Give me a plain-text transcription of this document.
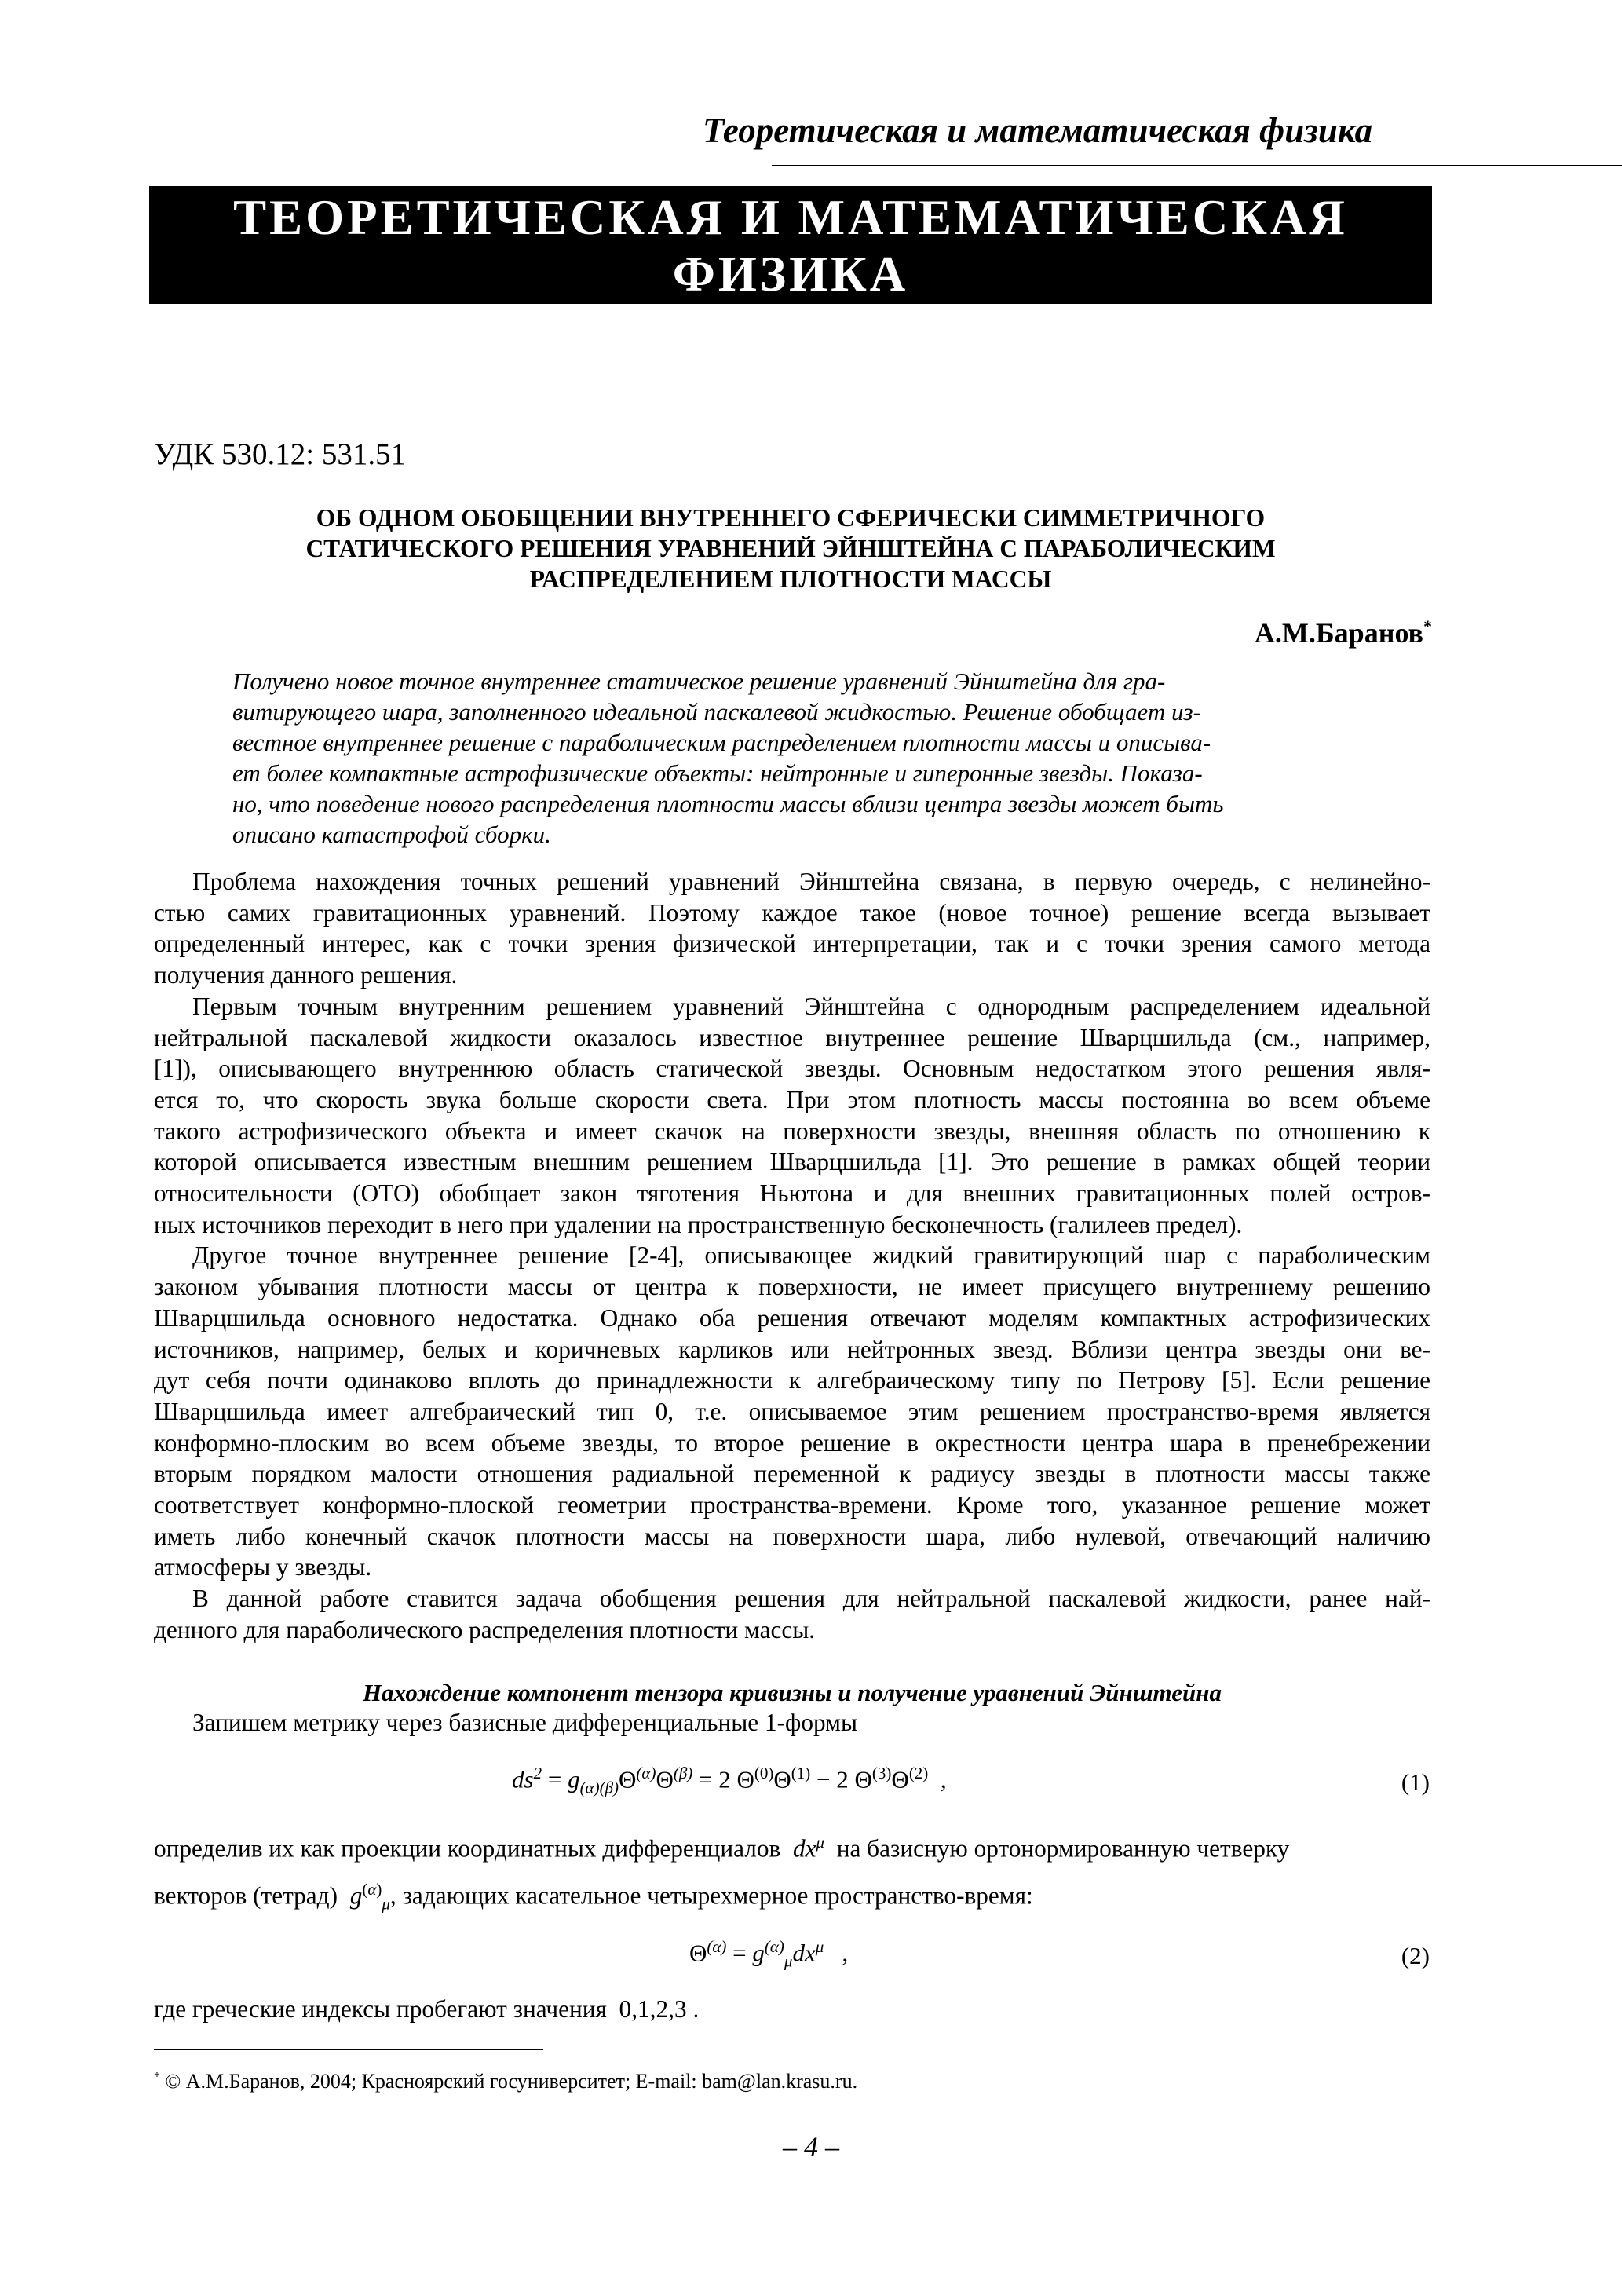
Теоретическая и математическая физика
ТЕОРЕТИЧЕСКАЯ И МАТЕМАТИЧЕСКАЯ
ФИЗИКА
УДК 530.12: 531.51
ОБ ОДНОМ ОБОБЩЕНИИ ВНУТРЕННЕГО СФЕРИЧЕСКИ СИММЕТРИЧНОГО
СТАТИЧЕСКОГО РЕШЕНИЯ УРАВНЕНИЙ ЭЙНШТЕЙНА С ПАРАБОЛИЧЕСКИМ
РАСПРЕДЕЛЕНИЕМ ПЛОТНОСТИ МАССЫ
А.М.Баранов*
Получено новое точное внутреннее статическое решение уравнений Эйнштейна для гра-
витирующего шара, заполненного идеальной паскалевой жидкостью. Решение обобщает из-
вестное внутреннее решение с параболическим распределением плотности массы и описыва-
ет более компактные астрофизические объекты: нейтронные и гиперонные звезды. Показа-
но, что поведение нового распределения плотности массы вблизи центра звезды может быть
описано катастрофой сборки.
Проблема нахождения точных решений уравнений Эйнштейна связана, в первую очередь, с нелинейно-
стью самих гравитационных уравнений. Поэтому каждое такое (новое точное) решение всегда вызывает
определенный интерес, как с точки зрения физической интерпретации, так и с точки зрения самого метода
получения данного решения.
Первым точным внутренним решением уравнений Эйнштейна с однородным распределением идеальной
нейтральной паскалевой жидкости оказалось известное внутреннее решение Шварцшильда (см., например,
[1]), описывающего внутреннюю область статической звезды. Основным недостатком этого решения явля-
ется то, что скорость звука больше скорости света. При этом плотность массы постоянна во всем объеме
такого астрофизического объекта и имеет скачок на поверхности звезды, внешняя область по отношению к
которой описывается известным внешним решением Шварцшильда [1]. Это решение в рамках общей теории
относительности (ОТО) обобщает закон тяготения Ньютона и для внешних гравитационных полей остров-
ных источников переходит в него при удалении на пространственную бесконечность (галилеев предел).
Другое точное внутреннее решение [2-4], описывающее жидкий гравитирующий шар с параболическим
законом убывания плотности массы от центра к поверхности, не имеет присущего внутреннему решению
Шварцшильда основного недостатка. Однако оба решения отвечают моделям компактных астрофизических
источников, например, белых и коричневых карликов или нейтронных звезд. Вблизи центра звезды они ве-
дут себя почти одинаково вплоть до принадлежности к алгебраическому типу по Петрову [5]. Если решение
Шварцшильда имеет алгебраический тип 0, т.е. описываемое этим решением пространство-время является
конформно-плоским во всем объеме звезды, то второе решение в окрестности центра шара в пренебрежении
вторым порядком малости отношения радиальной переменной к радиусу звезды в плотности массы также
соответствует конформно-плоской геометрии пространства-времени. Кроме того, указанное решение может
иметь либо конечный скачок плотности массы на поверхности шара, либо нулевой, отвечающий наличию
атмосферы у звезды.
В данной работе ставится задача обобщения решения для нейтральной паскалевой жидкости, ранее най-
денного для параболического распределения плотности массы.
Нахождение компонент тензора кривизны и получение уравнений Эйнштейна
Запишем метрику через базисные дифференциальные 1-формы
$ds^2 = g_{(\alpha)(\beta)}\Theta^{(\alpha)}\Theta^{(\beta)} = 2$ $\Theta^{(0)}\Theta^{(1)} - 2$ $\Theta^{(3)}\Theta^{(2)}$  ,	(1)
определив их как проекции координатных дифференциалов $dx^\mu$ на базисную ортонормированную четверку
векторов (тетрад) $g^{(\alpha)}_\mu$, задающих касательное четырехмерное пространство-время:
$\Theta^{(\alpha)} = g^{(\alpha)}_\mu dx^\mu$   ,	(2)
где греческие индексы пробегают значения 0,1,2,3 .
* © А.М.Баранов, 2004; Красноярский госуниверситет; E-mail: bam@lan.krasu.ru.
– 4 –
